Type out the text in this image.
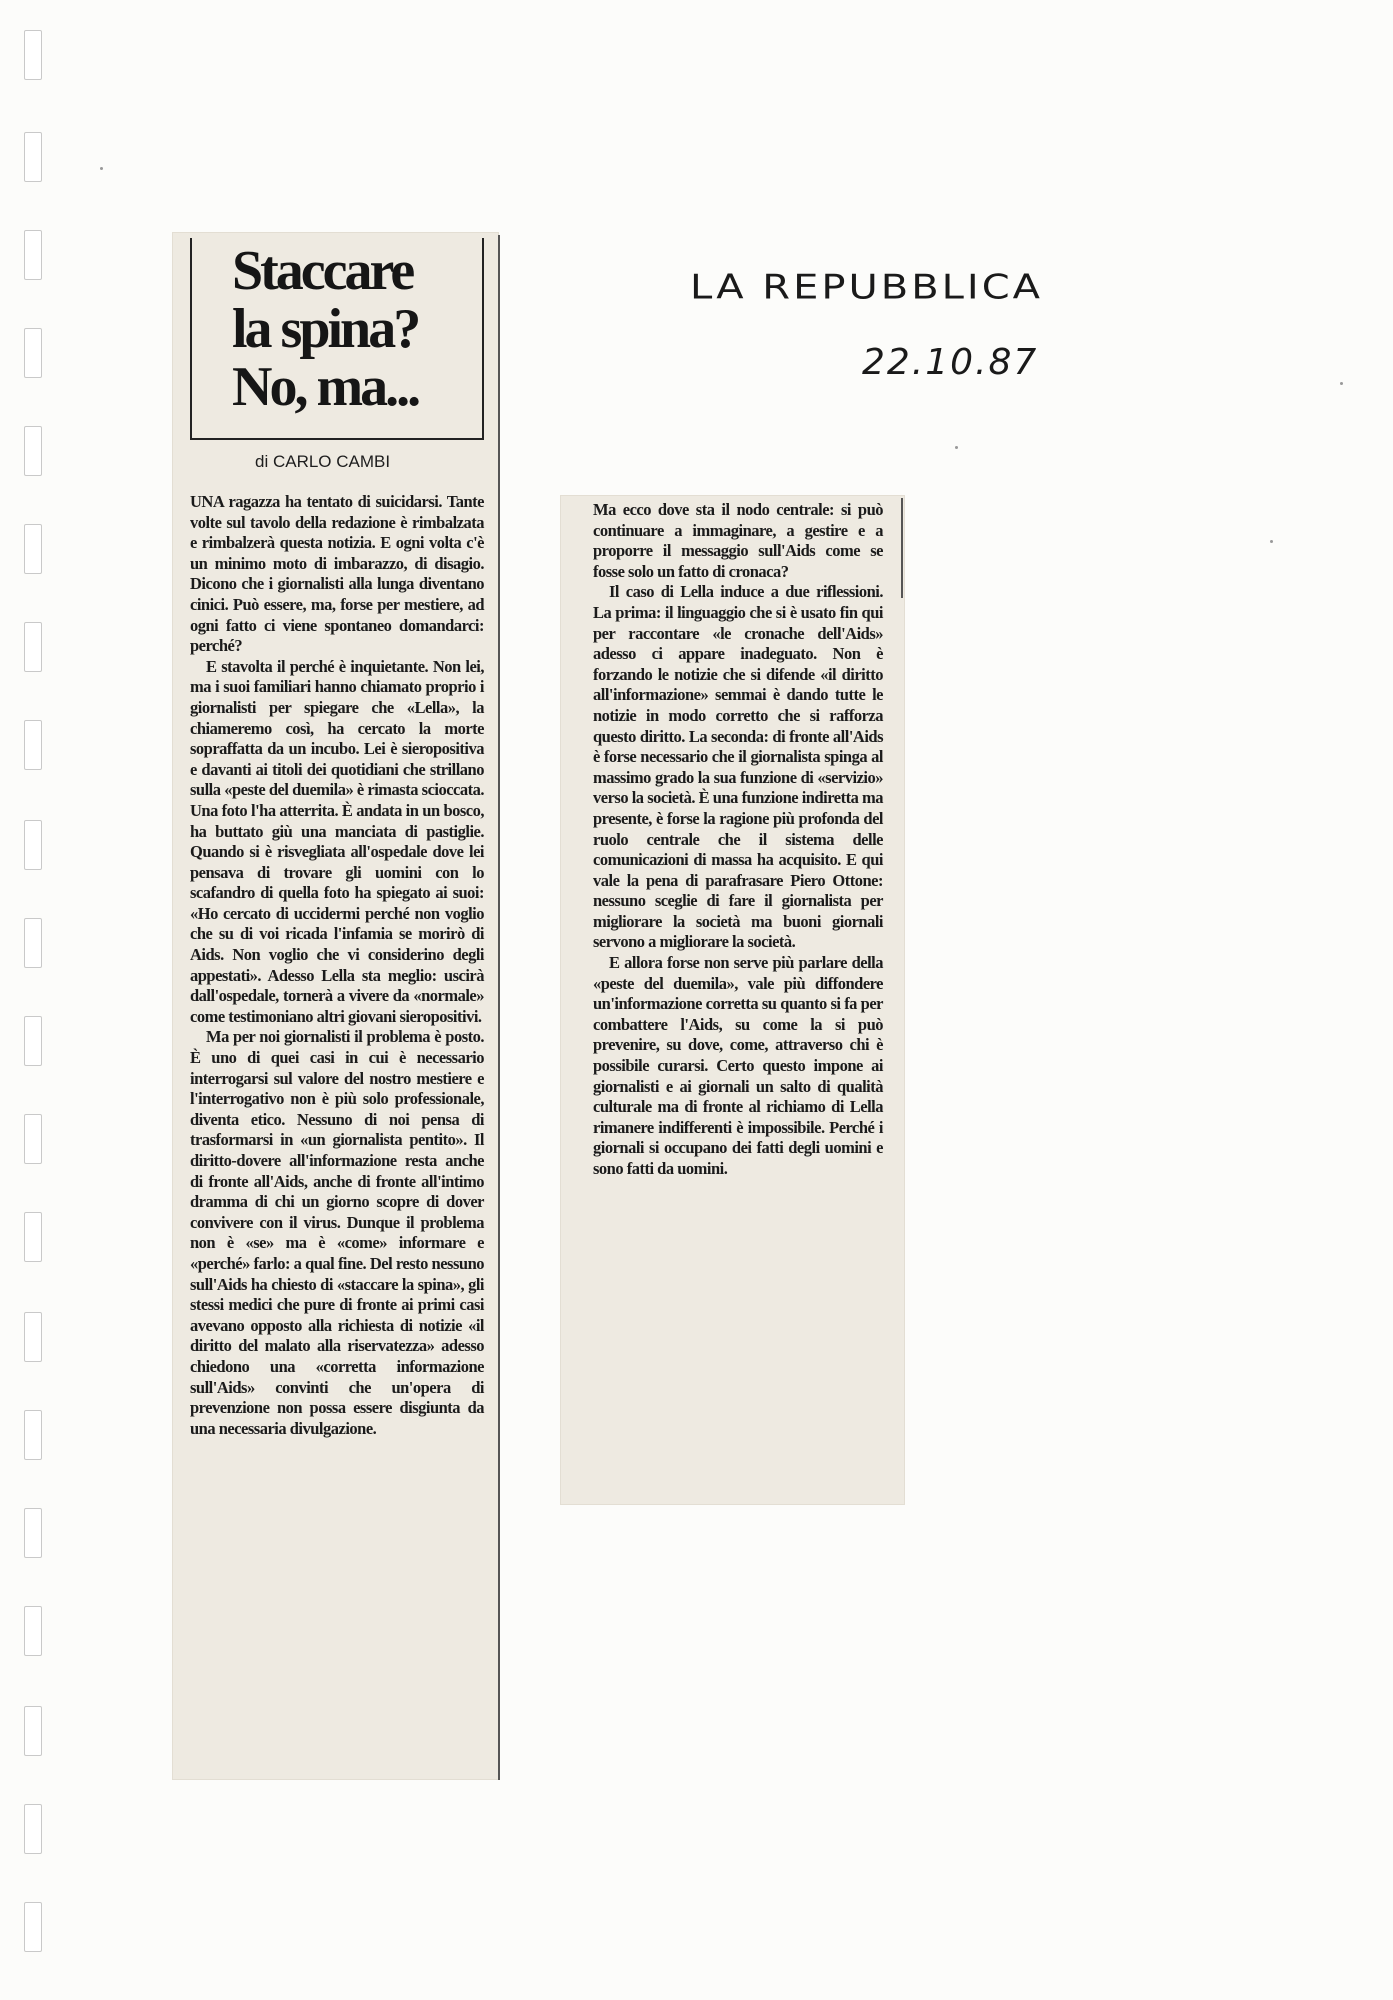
Staccare
la spina?
No, ma...

di CARLO CAMBI

UNA ragazza ha tentato di suicidarsi. Tante volte sul tavolo della redazione è rimbalzata e rimbalzerà questa notizia. E ogni volta c'è un minimo moto di imbarazzo, di disagio. Dicono che i giornalisti alla lunga diventano cinici. Può essere, ma, forse per mestiere, ad ogni fatto ci viene spontaneo domandarci: perché?

E stavolta il perché è inquietante. Non lei, ma i suoi familiari hanno chiamato proprio i giornalisti per spiegare che «Lella», la chiameremo così, ha cercato la morte sopraffatta da un incubo. Lei è sieropositiva e davanti ai titoli dei quotidiani che strillano sulla «peste del duemila» è rimasta scioccata. Una foto l'ha atterrita. È andata in un bosco, ha buttato giù una manciata di pastiglie. Quando si è risvegliata all'ospedale dove lei pensava di trovare gli uomini con lo scafandro di quella foto ha spiegato ai suoi: «Ho cercato di uccidermi perché non voglio che su di voi ricada l'infamia se morirò di Aids. Non voglio che vi considerino degli appestati». Adesso Lella sta meglio: uscirà dall'ospedale, tornerà a vivere da «normale» come testimoniano altri giovani sieropositivi.

Ma per noi giornalisti il problema è posto. È uno di quei casi in cui è necessario interrogarsi sul valore del nostro mestiere e l'interrogativo non è più solo professionale, diventa etico. Nessuno di noi pensa di trasformarsi in «un giornalista pentito». Il diritto-dovere all'informazione resta anche di fronte all'Aids, anche di fronte all'intimo dramma di chi un giorno scopre di dover convivere con il virus. Dunque il problema non è «se» ma è «come» informare e «perché» farlo: a qual fine. Del resto nessuno sull'Aids ha chiesto di «staccare la spina», gli stessi medici che pure di fronte ai primi casi avevano opposto alla richiesta di notizie «il diritto del malato alla riservatezza» adesso chiedono una «corretta informazione sull'Aids» convinti che un'opera di prevenzione non possa essere disgiunta da una necessaria divulgazione.

Ma ecco dove sta il nodo centrale: si può continuare a immaginare, a gestire e a proporre il messaggio sull'Aids come se fosse solo un fatto di cronaca?

Il caso di Lella induce a due riflessioni. La prima: il linguaggio che si è usato fin qui per raccontare «le cronache dell'Aids» adesso ci appare inadeguato. Non è forzando le notizie che si difende «il diritto all'informazione» semmai è dando tutte le notizie in modo corretto che si rafforza questo diritto. La seconda: di fronte all'Aids è forse necessario che il giornalista spinga al massimo grado la sua funzione di «servizio» verso la società. È una funzione indiretta ma presente, è forse la ragione più profonda del ruolo centrale che il sistema delle comunicazioni di massa ha acquisito. E qui vale la pena di parafrasare Piero Ottone: nessuno sceglie di fare il giornalista per migliorare la società ma buoni giornali servono a migliorare la società.

E allora forse non serve più parlare della «peste del duemila», vale più diffondere un'informazione corretta su quanto si fa per combattere l'Aids, su come la si può prevenire, su dove, come, attraverso chi è possibile curarsi. Certo questo impone ai giornalisti e ai giornali un salto di qualità culturale ma di fronte al richiamo di Lella rimanere indifferenti è impossibile. Perché i giornali si occupano dei fatti degli uomini e sono fatti da uomini.

LA REPUBBLICA

22.10.87
